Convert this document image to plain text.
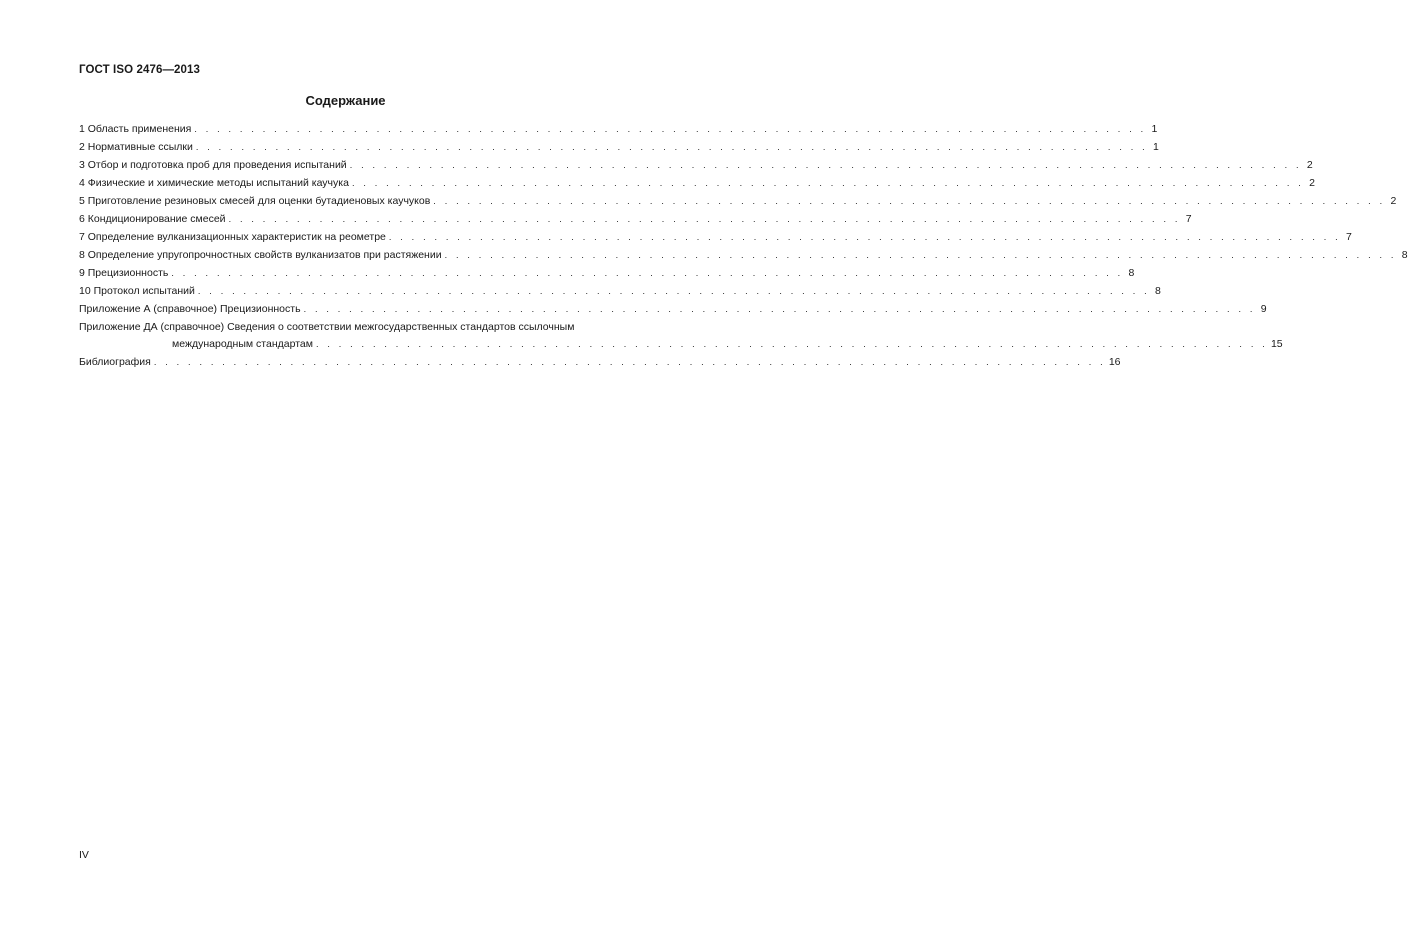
ГОСТ ISO 2476—2013
Содержание
1 Область применения . . . . . . . . . . . . . . . . . . . . . . . . . . . . . . . . . . . . . . . . . . . . . . . . . . . . . . . . . . . . . . . . . . . . . . . . . . . . . . . . . . . . 1
2 Нормативные ссылки . . . . . . . . . . . . . . . . . . . . . . . . . . . . . . . . . . . . . . . . . . . . . . . . . . . . . . . . . . . . . . . . . . . . . . . . . . . . . . . . . . . . 1
3 Отбор и подготовка проб для проведения испытаний . . . . . . . . . . . . . . . . . . . . . . . . . . . . . . . . . . . . . . . . . . . . . . . . . . . . . . . . . . . . . . . . . . . . . . . . . . . . . . . . . . . . 2
4 Физические и химические методы испытаний каучука . . . . . . . . . . . . . . . . . . . . . . . . . . . . . . . . . . . . . . . . . . . . . . . . . . . . . . . . . . . . . . . . . . . . . . . . . . . . . . . . . . . . 2
5 Приготовление резиновых смесей для оценки бутадиеновых каучуков . . . . . . . . . . . . . . . . . . . . . . . . . . . . . . . . . . . . . . . . . . . . . . . . . . . . . . . . . . . . . . . . . . . . . . . . . . . . . . . . . . . . 2
6 Кондиционирование смесей . . . . . . . . . . . . . . . . . . . . . . . . . . . . . . . . . . . . . . . . . . . . . . . . . . . . . . . . . . . . . . . . . . . . . . . . . . . . . . . . . . . . 7
7 Определение вулканизационных характеристик на реометре . . . . . . . . . . . . . . . . . . . . . . . . . . . . . . . . . . . . . . . . . . . . . . . . . . . . . . . . . . . . . . . . . . . . . . . . . . . . . . . . . . . . 7
8 Определение упругопрочностных свойств вулканизатов при растяжении . . . . . . . . . . . . . . . . . . . . . . . . . . . . . . . . . . . . . . . . . . . . . . . . . . . . . . . . . . . . . . . . . . . . . . . . . . . . . . . . . . . . 8
9 Прецизионность . . . . . . . . . . . . . . . . . . . . . . . . . . . . . . . . . . . . . . . . . . . . . . . . . . . . . . . . . . . . . . . . . . . . . . . . . . . . . . . . . . . . 8
10 Протокол испытаний . . . . . . . . . . . . . . . . . . . . . . . . . . . . . . . . . . . . . . . . . . . . . . . . . . . . . . . . . . . . . . . . . . . . . . . . . . . . . . . . . . . . 8
Приложение А (справочное) Прецизионность . . . . . . . . . . . . . . . . . . . . . . . . . . . . . . . . . . . . . . . . . . . . . . . . . . . . . . . . . . . . . . . . . . . . . . . . . . . . . . . . . . . . 9
Приложение ДА (справочное) Сведения о соответствии межгосударственных стандартов ссылочным
международным стандартам . . . . . . . . . . . . . . . . . . . . . . . . . . . . . . . . . . . . . . . . . . . . . . . . . . . . . . . . . . . . . . . . . . . . . . . . . . . . . . . . . . . . 15
Библиография . . . . . . . . . . . . . . . . . . . . . . . . . . . . . . . . . . . . . . . . . . . . . . . . . . . . . . . . . . . . . . . . . . . . . . . . . . . . . . . . . . . . 16
IV
